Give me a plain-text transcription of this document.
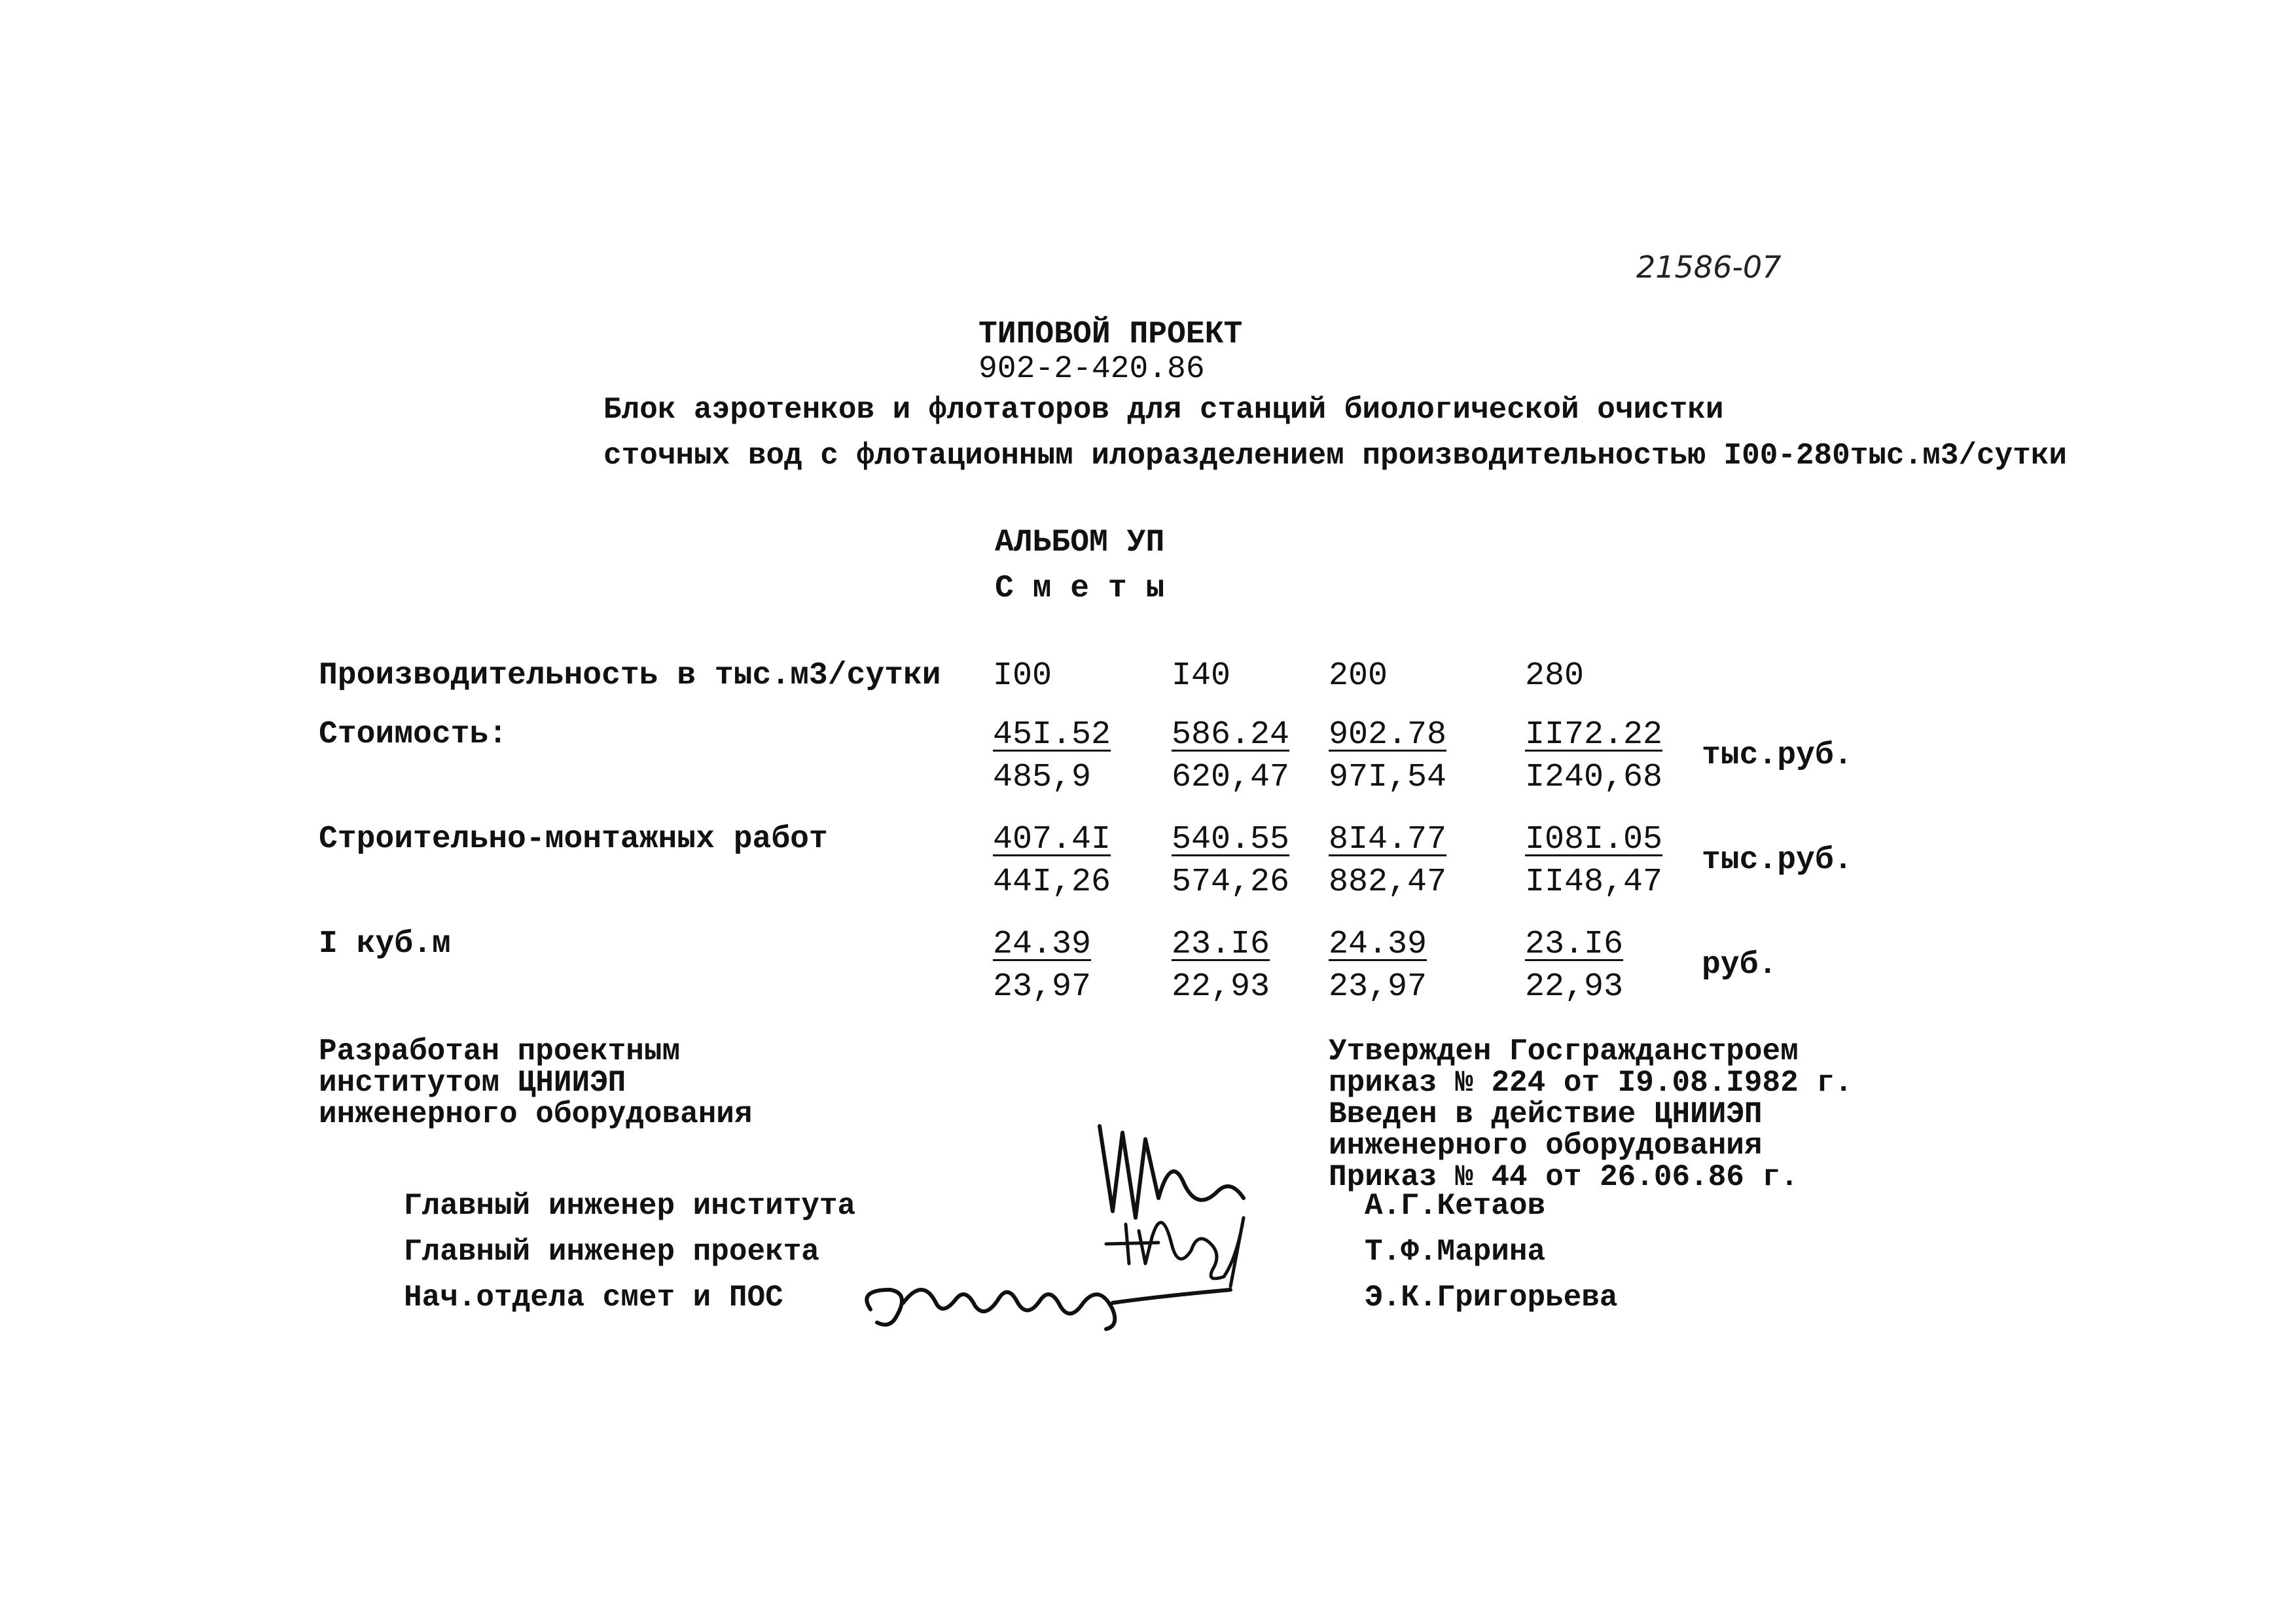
21586-07
ТИПОВОЙ ПРОЕКТ
902-2-420.86
Блок аэротенков и флотаторов для станций биологической очистки
сточных вод с флотационным илоразделением производительностью I00-280тыс.м3/сутки
АЛЬБОМ УП
С м е т ы
Производительность в тыс.м3/сутки I00	I40	200	280
Стоимость:	45I.52 586.24 902.78 II72.22
485,9 620,47 97I,54 I240,68
тыс.руб.
Строительно-монтажных работ	407.4I 540.55 8I4.77 I08I.05
44I,26 574,26 882,47 II48,47
тыс.руб.
I куб.м	24.39 23.I6 24.39	23.I6
23,97 22,93 23,97	22,93
руб.
Разработан проектным
институтом ЦНИИЭП
инженерного оборудования
Утвержден Госгражданстроем
приказ № 224 от I9.08.I982 г.
Введен в действие ЦНИИЭП
инженерного оборудования
Приказ № 44 от 26.06.86 г.
Главный инженер института	А.Г.Кетаов
Главный инженер проекта	Т.Ф.Марина
Нач.отдела смет и ПОС	Э.К.Григорьева
